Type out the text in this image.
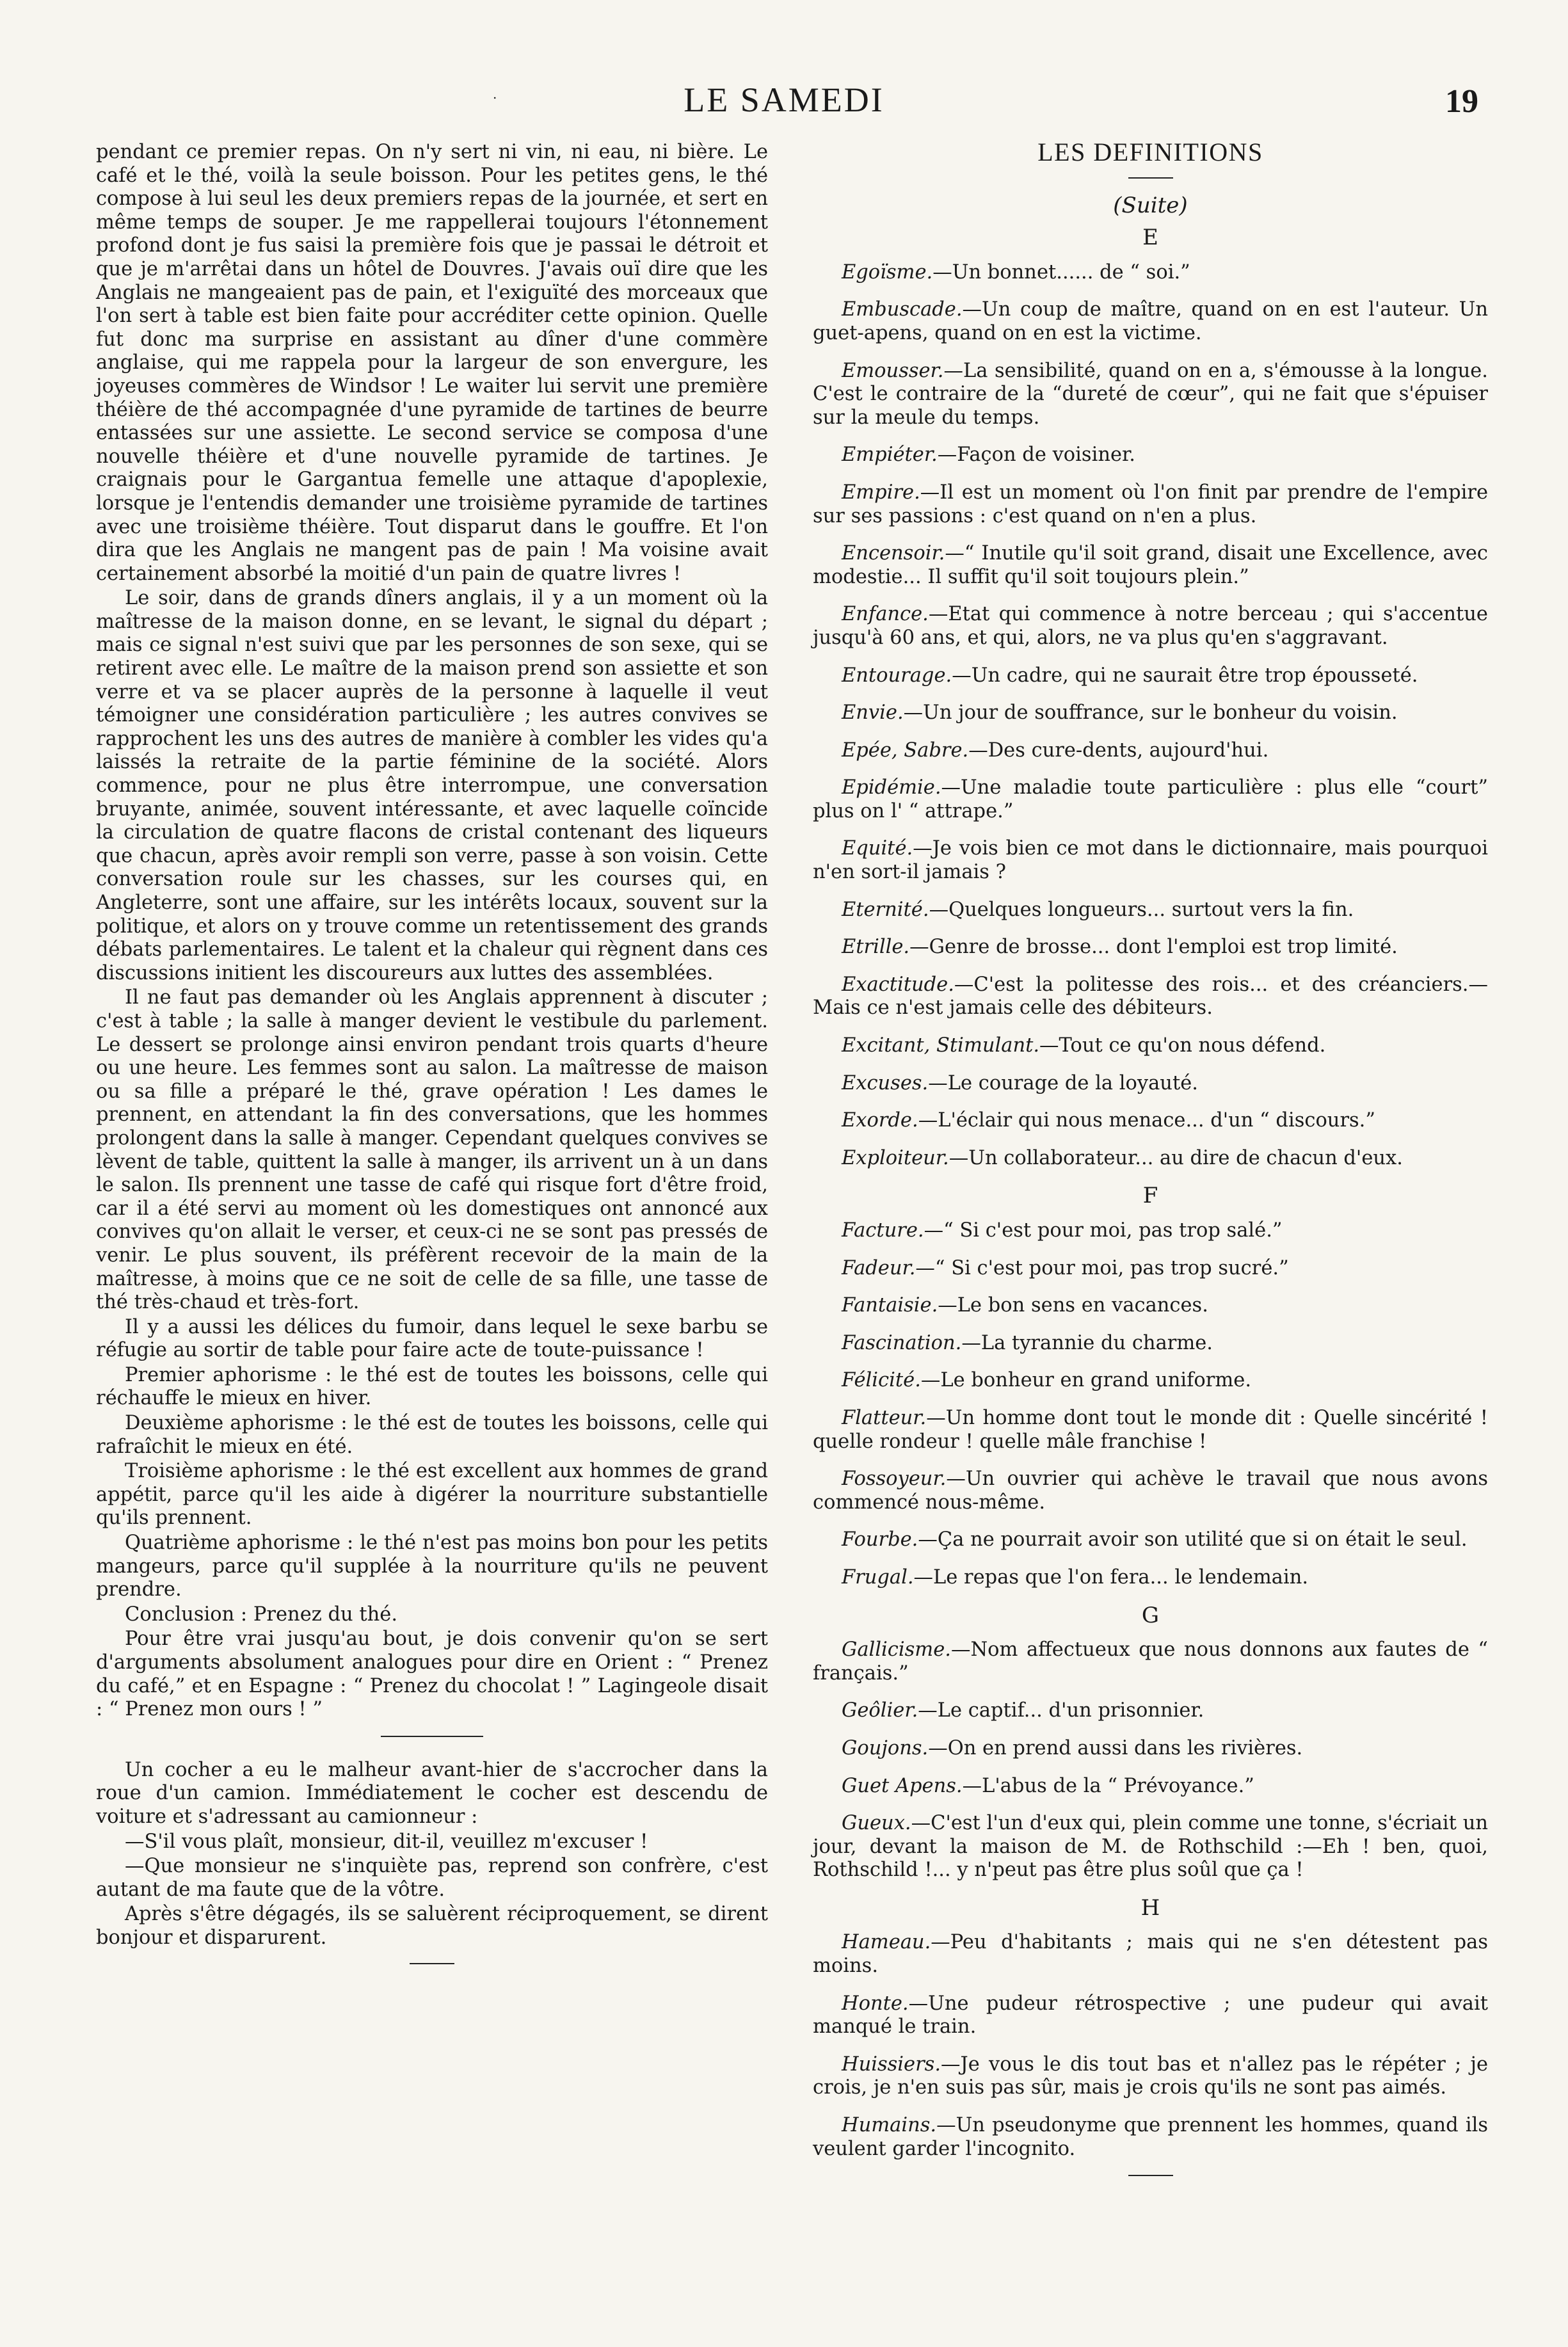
.	LE SAMEDI	19

pendant ce premier repas. On n'y sert ni vin, ni eau, ni bière. Le café et le thé, voilà la seule boisson. Pour les petites gens, le thé compose à lui seul les deux premiers repas de la journée, et sert en même temps de souper. Je me rappellerai toujours l'étonnement profond dont je fus saisi la première fois que je passai le détroit et que je m'arrêtai dans un hôtel de Douvres. J'avais ouï dire que les Anglais ne mangeaient pas de pain, et l'exiguïté des morceaux que l'on sert à table est bien faite pour accréditer cette opinion. Quelle fut donc ma surprise en assistant au dîner d'une commère anglaise, qui me rappela pour la largeur de son envergure, les joyeuses commères de Windsor ! Le waiter lui servit une première théière de thé accompagnée d'une pyramide de tartines de beurre entassées sur une assiette. Le second service se composa d'une nouvelle théière et d'une nouvelle pyramide de tartines. Je craignais pour le Gargantua femelle une attaque d'apoplexie, lorsque je l'entendis demander une troisième pyramide de tartines avec une troisième théière. Tout disparut dans le gouffre. Et l'on dira que les Anglais ne mangent pas de pain ! Ma voisine avait certainement absorbé la moitié d'un pain de quatre livres !

Le soir, dans de grands dîners anglais, il y a un moment où la maîtresse de la maison donne, en se levant, le signal du départ ; mais ce signal n'est suivi que par les personnes de son sexe, qui se retirent avec elle. Le maître de la maison prend son assiette et son verre et va se placer auprès de la personne à laquelle il veut témoigner une considération particulière ; les autres convives se rapprochent les uns des autres de manière à combler les vides qu'a laissés la retraite de la partie féminine de la société. Alors commence, pour ne plus être interrompue, une conversation bruyante, animée, souvent intéressante, et avec laquelle coïncide la circulation de quatre flacons de cristal contenant des liqueurs que chacun, après avoir rempli son verre, passe à son voisin. Cette conversation roule sur les chasses, sur les courses qui, en Angleterre, sont une affaire, sur les intérêts locaux, souvent sur la politique, et alors on y trouve comme un retentissement des grands débats parlementaires. Le talent et la chaleur qui règnent dans ces discussions initient les discoureurs aux luttes des assemblées.

Il ne faut pas demander où les Anglais apprennent à discuter ; c'est à table ; la salle à manger devient le vestibule du parlement. Le dessert se prolonge ainsi environ pendant trois quarts d'heure ou une heure. Les femmes sont au salon. La maîtresse de maison ou sa fille a préparé le thé, grave opération ! Les dames le prennent, en attendant la fin des conversations, que les hommes prolongent dans la salle à manger. Cependant quelques convives se lèvent de table, quittent la salle à manger, ils arrivent un à un dans le salon. Ils prennent une tasse de café qui risque fort d'être froid, car il a été servi au moment où les domestiques ont annoncé aux convives qu'on allait le verser, et ceux-ci ne se sont pas pressés de venir. Le plus souvent, ils préfèrent recevoir de la main de la maîtresse, à moins que ce ne soit de celle de sa fille, une tasse de thé très-chaud et très-fort.

Il y a aussi les délices du fumoir, dans lequel le sexe barbu se réfugie au sortir de table pour faire acte de toute-puissance !

Premier aphorisme : le thé est de toutes les boissons, celle qui réchauffe le mieux en hiver.

Deuxième aphorisme : le thé est de toutes les boissons, celle qui rafraîchit le mieux en été.

Troisième aphorisme : le thé est excellent aux hommes de grand appétit, parce qu'il les aide à digérer la nourriture substantielle qu'ils prennent.

Quatrième aphorisme : le thé n'est pas moins bon pour les petits mangeurs, parce qu'il supplée à la nourriture qu'ils ne peuvent prendre.

Conclusion : Prenez du thé.

Pour être vrai jusqu'au bout, je dois convenir qu'on se sert d'arguments absolument analogues pour dire en Orient : “ Prenez du café,” et en Espagne : “ Prenez du chocolat ! ” Lagingeole disait : “ Prenez mon ours ! ”

Un cocher a eu le malheur avant-hier de s'accrocher dans la roue d'un camion. Immédiatement le cocher est descendu de voiture et s'adressant au camionneur :

—S'il vous plaît, monsieur, dit-il, veuillez m'excuser !

—Que monsieur ne s'inquiète pas, reprend son confrère, c'est autant de ma faute que de la vôtre.

Après s'être dégagés, ils se saluèrent réciproquement, se dirent bonjour et disparurent.

LES DEFINITIONS
(Suite)
E

Egoïsme.—Un bonnet...... de “ soi.”

Embuscade.—Un coup de maître, quand on en est l'auteur. Un guet-apens, quand on en est la victime.

Emousser.—La sensibilité, quand on en a, s'émousse à la longue. C'est le contraire de la “dureté de cœur”, qui ne fait que s'épuiser sur la meule du temps.

Empiéter.—Façon de voisiner.

Empire.—Il est un moment où l'on finit par prendre de l'empire sur ses passions : c'est quand on n'en a plus.

Encensoir.—“ Inutile qu'il soit grand, disait une Excellence, avec modestie... Il suffit qu'il soit toujours plein.”

Enfance.—Etat qui commence à notre berceau ; qui s'accentue jusqu'à 60 ans, et qui, alors, ne va plus qu'en s'aggravant.

Entourage.—Un cadre, qui ne saurait être trop épousseté.

Envie.—Un jour de souffrance, sur le bonheur du voisin.

Epée, Sabre.—Des cure-dents, aujourd'hui.

Epidémie.—Une maladie toute particulière : plus elle “court” plus on l' “ attrape.”

Equité.—Je vois bien ce mot dans le dictionnaire, mais pourquoi n'en sort-il jamais ?

Eternité.—Quelques longueurs... surtout vers la fin.

Etrille.—Genre de brosse... dont l'emploi est trop limité.

Exactitude.—C'est la politesse des rois... et des créanciers.—Mais ce n'est jamais celle des débiteurs.

Excitant, Stimulant.—Tout ce qu'on nous défend.

Excuses.—Le courage de la loyauté.

Exorde.—L'éclair qui nous menace... d'un “ discours.”

Exploiteur.—Un collaborateur... au dire de chacun d'eux.

F

Facture.—“ Si c'est pour moi, pas trop salé.”

Fadeur.—“ Si c'est pour moi, pas trop sucré.”

Fantaisie.—Le bon sens en vacances.

Fascination.—La tyrannie du charme.

Félicité.—Le bonheur en grand uniforme.

Flatteur.—Un homme dont tout le monde dit : Quelle sincérité ! quelle rondeur ! quelle mâle franchise !

Fossoyeur.—Un ouvrier qui achève le travail que nous avons commencé nous-même.

Fourbe.—Ça ne pourrait avoir son utilité que si on était le seul.

Frugal.—Le repas que l'on fera... le lendemain.

G

Gallicisme.—Nom affectueux que nous donnons aux fautes de “ français.”

Geôlier.—Le captif... d'un prisonnier.

Goujons.—On en prend aussi dans les rivières.

Guet Apens.—L'abus de la “ Prévoyance.”

Gueux.—C'est l'un d'eux qui, plein comme une tonne, s'écriait un jour, devant la maison de M. de Rothschild :—Eh ! ben, quoi, Rothschild !... y n'peut pas être plus soûl que ça !

H

Hameau.—Peu d'habitants ; mais qui ne s'en détestent pas moins.

Honte.—Une pudeur rétrospective ; une pudeur qui avait manqué le train.

Huissiers.—Je vous le dis tout bas et n'allez pas le répéter ; je crois, je n'en suis pas sûr, mais je crois qu'ils ne sont pas aimés.

Humains.—Un pseudonyme que prennent les hommes, quand ils veulent garder l'incognito.
